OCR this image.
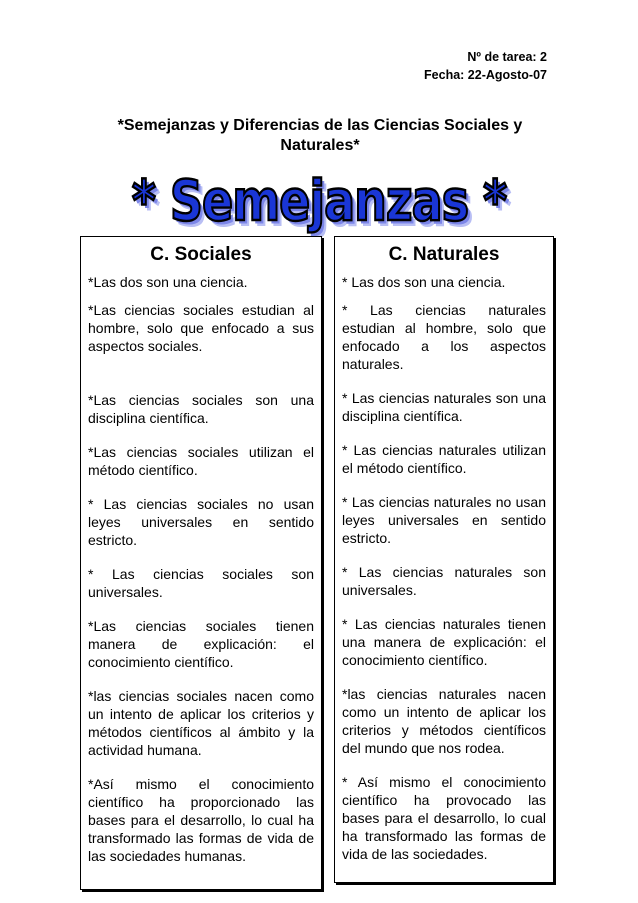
Nº de tarea: 2
Fecha: 22-Agosto-07
*Semejanzas y Diferencias de las Ciencias Sociales y Naturales*
* Semejanzas *
C. Sociales

*Las dos son una ciencia.

*Las ciencias sociales estudian al hombre, solo que enfocado a sus aspectos sociales.

*Las ciencias sociales son una disciplina científica.

*Las ciencias sociales utilizan el método científico.

* Las ciencias sociales no usan leyes universales en sentido estricto.

* Las ciencias sociales son universales.

*Las ciencias sociales tienen manera de explicación: el conocimiento científico.

*las ciencias sociales nacen como un intento de aplicar los criterios y métodos científicos al ámbito y la actividad humana.

*Así mismo el conocimiento científico ha proporcionado las bases para el desarrollo, lo cual ha transformado las formas de vida de las sociedades humanas.

C. Naturales

* Las dos son una ciencia.

* Las ciencias naturales estudian al hombre, solo que enfocado a los aspectos naturales.

* Las ciencias naturales son una disciplina científica.

* Las ciencias naturales utilizan el método científico.

* Las ciencias naturales no usan leyes universales en sentido estricto.

* Las ciencias naturales son universales.

* Las ciencias naturales tienen una manera de explicación: el conocimiento científico.

*las ciencias naturales nacen como un intento de aplicar los criterios y métodos científicos del mundo que nos rodea.

* Así mismo el conocimiento científico ha provocado las bases para el desarrollo, lo cual ha transformado las formas de vida de las sociedades.
